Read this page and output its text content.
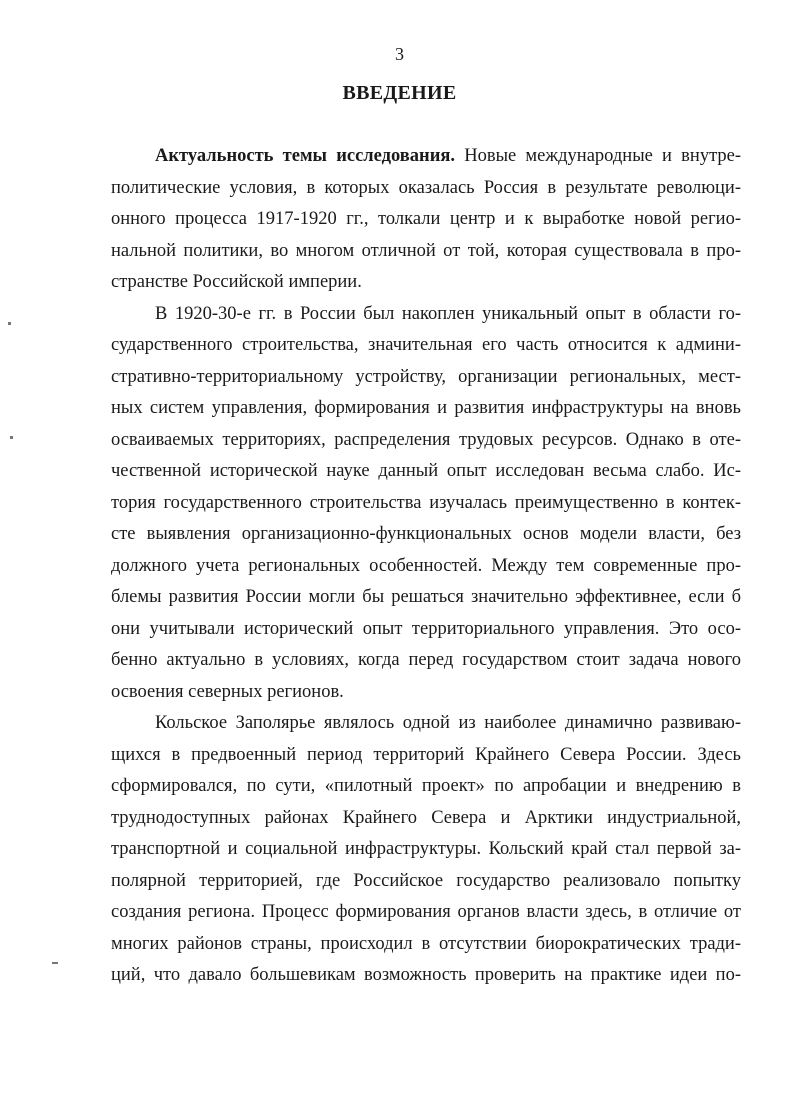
3
ВВЕДЕНИЕ
Актуальность темы исследования. Новые международные и внутре-
политические условия, в которых оказалась Россия в результате революци-
онного процесса 1917-1920 гг., толкали центр и к выработке новой регио-
нальной политики, во многом отличной от той, которая существовала в про-
странстве Российской империи.
В 1920-30-е гг. в России был накоплен уникальный опыт в области го-
сударственного строительства, значительная его часть относится к админи-
стративно-территориальному устройству, организации региональных, мест-
ных систем управления, формирования и развития инфраструктуры на вновь
осваиваемых территориях, распределения трудовых ресурсов. Однако в оте-
чественной исторической науке данный опыт исследован весьма слабо. Ис-
тория государственного строительства изучалась преимущественно в контек-
сте выявления организационно-функциональных основ модели власти, без
должного учета региональных особенностей. Между тем современные про-
блемы развития России могли бы решаться значительно эффективнее, если б
они учитывали исторический опыт территориального управления. Это осо-
бенно актуально в условиях, когда перед государством стоит задача нового
освоения северных регионов.
Кольское Заполярье являлось одной из наиболее динамично развиваю-
щихся в предвоенный период территорий Крайнего Севера России. Здесь
сформировался, по сути, «пилотный проект» по апробации и внедрению в
труднодоступных районах Крайнего Севера и Арктики индустриальной,
транспортной и социальной инфраструктуры. Кольский край стал первой за-
полярной территорией, где Российское государство реализовало попытку
создания региона. Процесс формирования органов власти здесь, в отличие от
многих районов страны, происходил в отсутствии биорократических тради-
ций, что давало большевикам возможность проверить на практике идеи по-
